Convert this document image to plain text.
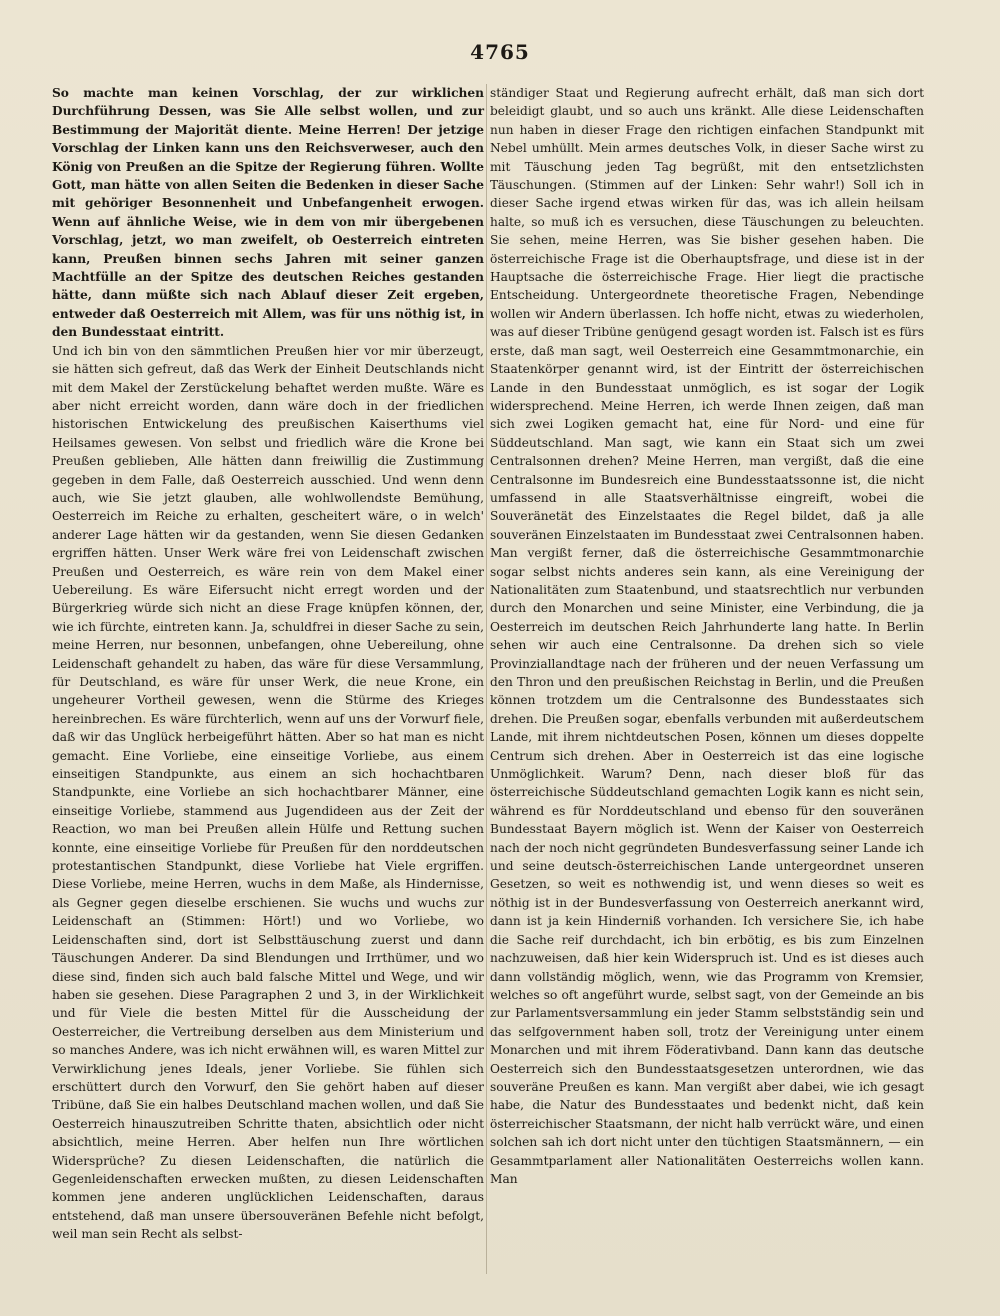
4765

So machte man keinen Vorschlag, der zur wirklichen Durchführung Dessen, was Sie Alle selbst wollen, und zur Bestimmung der Majorität diente. Meine Herren! Der jetzige Vorschlag der Linken kann uns den Reichsverweser, auch den König von Preußen an die Spitze der Regierung führen. Wollte Gott, man hätte von allen Seiten die Bedenken in dieser Sache mit gehöriger Besonnenheit und Unbefangenheit erwogen. Wenn auf ähnliche Weise, wie in dem von mir übergebenen Vorschlag, jetzt, wo man zweifelt, ob Oesterreich eintreten kann, Preußen binnen sechs Jahren mit seiner ganzen Machtfülle an der Spitze des deutschen Reiches gestanden hätte, dann müßte sich nach Ablauf dieser Zeit ergeben, entweder daß Oesterreich mit Allem, was für uns nöthig ist, in den Bundesstaat eintritt.

Und ich bin von den sämmtlichen Preußen hier vor mir überzeugt, sie hätten sich gefreut, daß das Werk der Einheit Deutschlands nicht mit dem Makel der Zerstückelung behaftet werden mußte. Wäre es aber nicht erreicht worden, dann wäre doch in der friedlichen historischen Entwickelung des preußischen Kaiserthums viel Heilsames gewesen. Von selbst und friedlich wäre die Krone bei Preußen geblieben, Alle hätten dann freiwillig die Zustimmung gegeben in dem Falle, daß Oesterreich ausschied. Und wenn denn auch, wie Sie jetzt glauben, alle wohlwollendste Bemühung, Oesterreich im Reiche zu erhalten, gescheitert wäre, o in welch' anderer Lage hätten wir da gestanden, wenn Sie diesen Gedanken ergriffen hätten. Unser Werk wäre frei von Leidenschaft zwischen Preußen und Oesterreich, es wäre rein von dem Makel einer Uebereilung. Es wäre Eifersucht nicht erregt worden und der Bürgerkrieg würde sich nicht an diese Frage knüpfen können, der, wie ich fürchte, eintreten kann. Ja, schuldfrei in dieser Sache zu sein, meine Herren, nur besonnen, unbefangen, ohne Uebereilung, ohne Leidenschaft gehandelt zu haben, das wäre für diese Versammlung, für Deutschland, es wäre für unser Werk, die neue Krone, ein ungeheurer Vortheil gewesen, wenn die Stürme des Krieges hereinbrechen. Es wäre fürchterlich, wenn auf uns der Vorwurf fiele, daß wir das Unglück herbeigeführt hätten. Aber so hat man es nicht gemacht. Eine Vorliebe, eine einseitige Vorliebe, aus einem einseitigen Standpunkte, aus einem an sich hochachtbaren Standpunkte, eine Vorliebe an sich hochachtbarer Männer, eine einseitige Vorliebe, stammend aus Jugendideen aus der Zeit der Reaction, wo man bei Preußen allein Hülfe und Rettung suchen konnte, eine einseitige Vorliebe für Preußen für den norddeutschen protestantischen Standpunkt, diese Vorliebe hat Viele ergriffen. Diese Vorliebe, meine Herren, wuchs in dem Maße, als Hindernisse, als Gegner gegen dieselbe erschienen. Sie wuchs und wuchs zur Leidenschaft an (Stimmen: Hört!) und wo Vorliebe, wo Leidenschaften sind, dort ist Selbsttäuschung zuerst und dann Täuschungen Anderer. Da sind Blendungen und Irrthümer, und wo diese sind, finden sich auch bald falsche Mittel und Wege, und wir haben sie gesehen. Diese Paragraphen 2 und 3, in der Wirklichkeit und für Viele die besten Mittel für die Ausscheidung der Oesterreicher, die Vertreibung derselben aus dem Ministerium und so manches Andere, was ich nicht erwähnen will, es waren Mittel zur Verwirklichung jenes Ideals, jener Vorliebe. Sie fühlen sich erschüttert durch den Vorwurf, den Sie gehört haben auf dieser Tribüne, daß Sie ein halbes Deutschland machen wollen, und daß Sie Oesterreich hinauszutreiben Schritte thaten, absichtlich oder nicht absichtlich, meine Herren. Aber helfen nun Ihre wörtlichen Widersprüche? Zu diesen Leidenschaften, die natürlich die Gegenleidenschaften erwecken mußten, zu diesen Leidenschaften kommen jene anderen unglücklichen Leidenschaften, daraus entstehend, daß man unsere übersouveränen Befehle nicht befolgt, weil man sein Recht als selbst-

ständiger Staat und Regierung aufrecht erhält, daß man sich dort beleidigt glaubt, und so auch uns kränkt. Alle diese Leidenschaften nun haben in dieser Frage den richtigen einfachen Standpunkt mit Nebel umhüllt. Mein armes deutsches Volk, in dieser Sache wirst zu mit Täuschung jeden Tag begrüßt, mit den entsetzlichsten Täuschungen. (Stimmen auf der Linken: Sehr wahr!) Soll ich in dieser Sache irgend etwas wirken für das, was ich allein heilsam halte, so muß ich es versuchen, diese Täuschungen zu beleuchten. Sie sehen, meine Herren, was Sie bisher gesehen haben. Die österreichische Frage ist die Oberhauptsfrage, und diese ist in der Hauptsache die österreichische Frage. Hier liegt die practische Entscheidung. Untergeordnete theoretische Fragen, Nebendinge wollen wir Andern überlassen. Ich hoffe nicht, etwas zu wiederholen, was auf dieser Tribüne genügend gesagt worden ist. Falsch ist es fürs erste, daß man sagt, weil Oesterreich eine Gesammtmonarchie, ein Staatenkörper genannt wird, ist der Eintritt der österreichischen Lande in den Bundesstaat unmöglich, es ist sogar der Logik widersprechend. Meine Herren, ich werde Ihnen zeigen, daß man sich zwei Logiken gemacht hat, eine für Nord- und eine für Süddeutschland. Man sagt, wie kann ein Staat sich um zwei Centralsonnen drehen? Meine Herren, man vergißt, daß die eine Centralsonne im Bundesreich eine Bundesstaatssonne ist, die nicht umfassend in alle Staatsverhältnisse eingreift, wobei die Souveränetät des Einzelstaates die Regel bildet, daß ja alle souveränen Einzelstaaten im Bundesstaat zwei Centralsonnen haben. Man vergißt ferner, daß die österreichische Gesammtmonarchie sogar selbst nichts anderes sein kann, als eine Vereinigung der Nationalitäten zum Staatenbund, und staatsrechtlich nur verbunden durch den Monarchen und seine Minister, eine Verbindung, die ja Oesterreich im deutschen Reich Jahrhunderte lang hatte. In Berlin sehen wir auch eine Centralsonne. Da drehen sich so viele Provinziallandtage nach der früheren und der neuen Verfassung um den Thron und den preußischen Reichstag in Berlin, und die Preußen können trotzdem um die Centralsonne des Bundesstaates sich drehen. Die Preußen sogar, ebenfalls verbunden mit außerdeutschem Lande, mit ihrem nichtdeutschen Posen, können um dieses doppelte Centrum sich drehen. Aber in Oesterreich ist das eine logische Unmöglichkeit. Warum? Denn, nach dieser bloß für das österreichische Süddeutschland gemachten Logik kann es nicht sein, während es für Norddeutschland und ebenso für den souveränen Bundesstaat Bayern möglich ist. Wenn der Kaiser von Oesterreich nach der noch nicht gegründeten Bundesverfassung seiner Lande ich und seine deutsch-österreichischen Lande untergeordnet unseren Gesetzen, so weit es nothwendig ist, und wenn dieses so weit es nöthig ist in der Bundesverfassung von Oesterreich anerkannt wird, dann ist ja kein Hinderniß vorhanden. Ich versichere Sie, ich habe die Sache reif durchdacht, ich bin erbötig, es bis zum Einzelnen nachzuweisen, daß hier kein Widerspruch ist. Und es ist dieses auch dann vollständig möglich, wenn, wie das Programm von Kremsier, welches so oft angeführt wurde, selbst sagt, von der Gemeinde an bis zur Parlamentsversammlung ein jeder Stamm selbstständig sein und das selfgovernment haben soll, trotz der Vereinigung unter einem Monarchen und mit ihrem Föderativband. Dann kann das deutsche Oesterreich sich den Bundesstaatsgesetzen unterordnen, wie das souveräne Preußen es kann. Man vergißt aber dabei, wie ich gesagt habe, die Natur des Bundesstaates und bedenkt nicht, daß kein österreichischer Staatsmann, der nicht halb verrückt wäre, und einen solchen sah ich dort nicht unter den tüchtigen Staatsmännern, — ein Gesammtparlament aller Nationalitäten Oesterreichs wollen kann. Man
